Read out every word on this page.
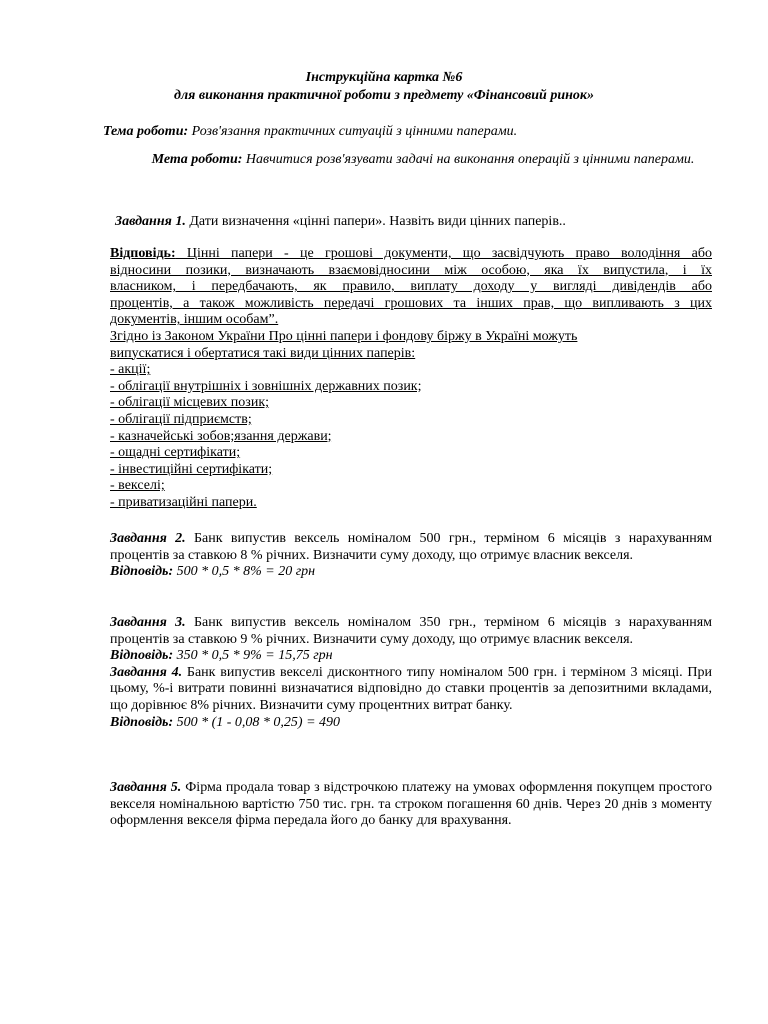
Інструкційна картка №6
для виконання практичної роботи з предмету «Фінансовий ринок»
Тема роботи: Розв'язання практичних ситуацій з цінними паперами.
Мета роботи: Навчитися розв'язувати задачі на виконання операцій з цінними паперами.
Завдання 1. Дати визначення «цінні папери». Назвіть види цінних паперів..
Відповідь: Цінні папери - це грошові документи, що засвідчують право володіння або
відносини позики, визначають взаємовідносини між особою, яка їх випустила, і їх
власником, і передбачають, як правило, виплату доходу у вигляді дивідендів або
процентів, а також можливість передачі грошових та інших прав, що випливають з цих
документів, іншим особам”.
Згідно із Законом України Про цінні папери і фондову біржу в Україні можуть
випускатися і обертатися такі види цінних паперів:
- акції;
- облігації внутрішніх і зовнішніх державних позик;
- облігації місцевих позик;
- облігації підприємств;
- казначейські зобов;язання держави;
- ощадні сертифікати;
- інвестиційні сертифікати;
- векселі;
- приватизаційні папери.
Завдання 2. Банк випустив вексель номіналом 500 грн., терміном 6 місяців з нарахуванням процентів за ставкою 8 % річних. Визначити суму доходу, що отримує власник векселя.
Відповідь: 500 * 0,5 * 8% = 20 грн
Завдання 3. Банк випустив вексель номіналом 350 грн., терміном 6 місяців з нарахуванням процентів за ставкою 9 % річних. Визначити суму доходу, що отримує власник векселя.
Відповідь: 350 * 0,5 * 9% = 15,75 грн
Завдання 4. Банк випустив векселі дисконтного типу номіналом 500 грн. і терміном 3 місяці. При цьому, %-і витрати повинні визначатися відповідно до ставки процентів за депозитними вкладами, що дорівнює 8% річних. Визначити суму процентних витрат банку.
Відповідь: 500 * (1 - 0,08 * 0,25) = 490
Завдання 5. Фірма продала товар з відстрочкою платежу на умовах оформлення покупцем простого векселя номінальною вартістю 750 тис. грн. та строком погашення 60 днів. Через 20 днів з моменту оформлення векселя фірма передала його до банку для врахування.
